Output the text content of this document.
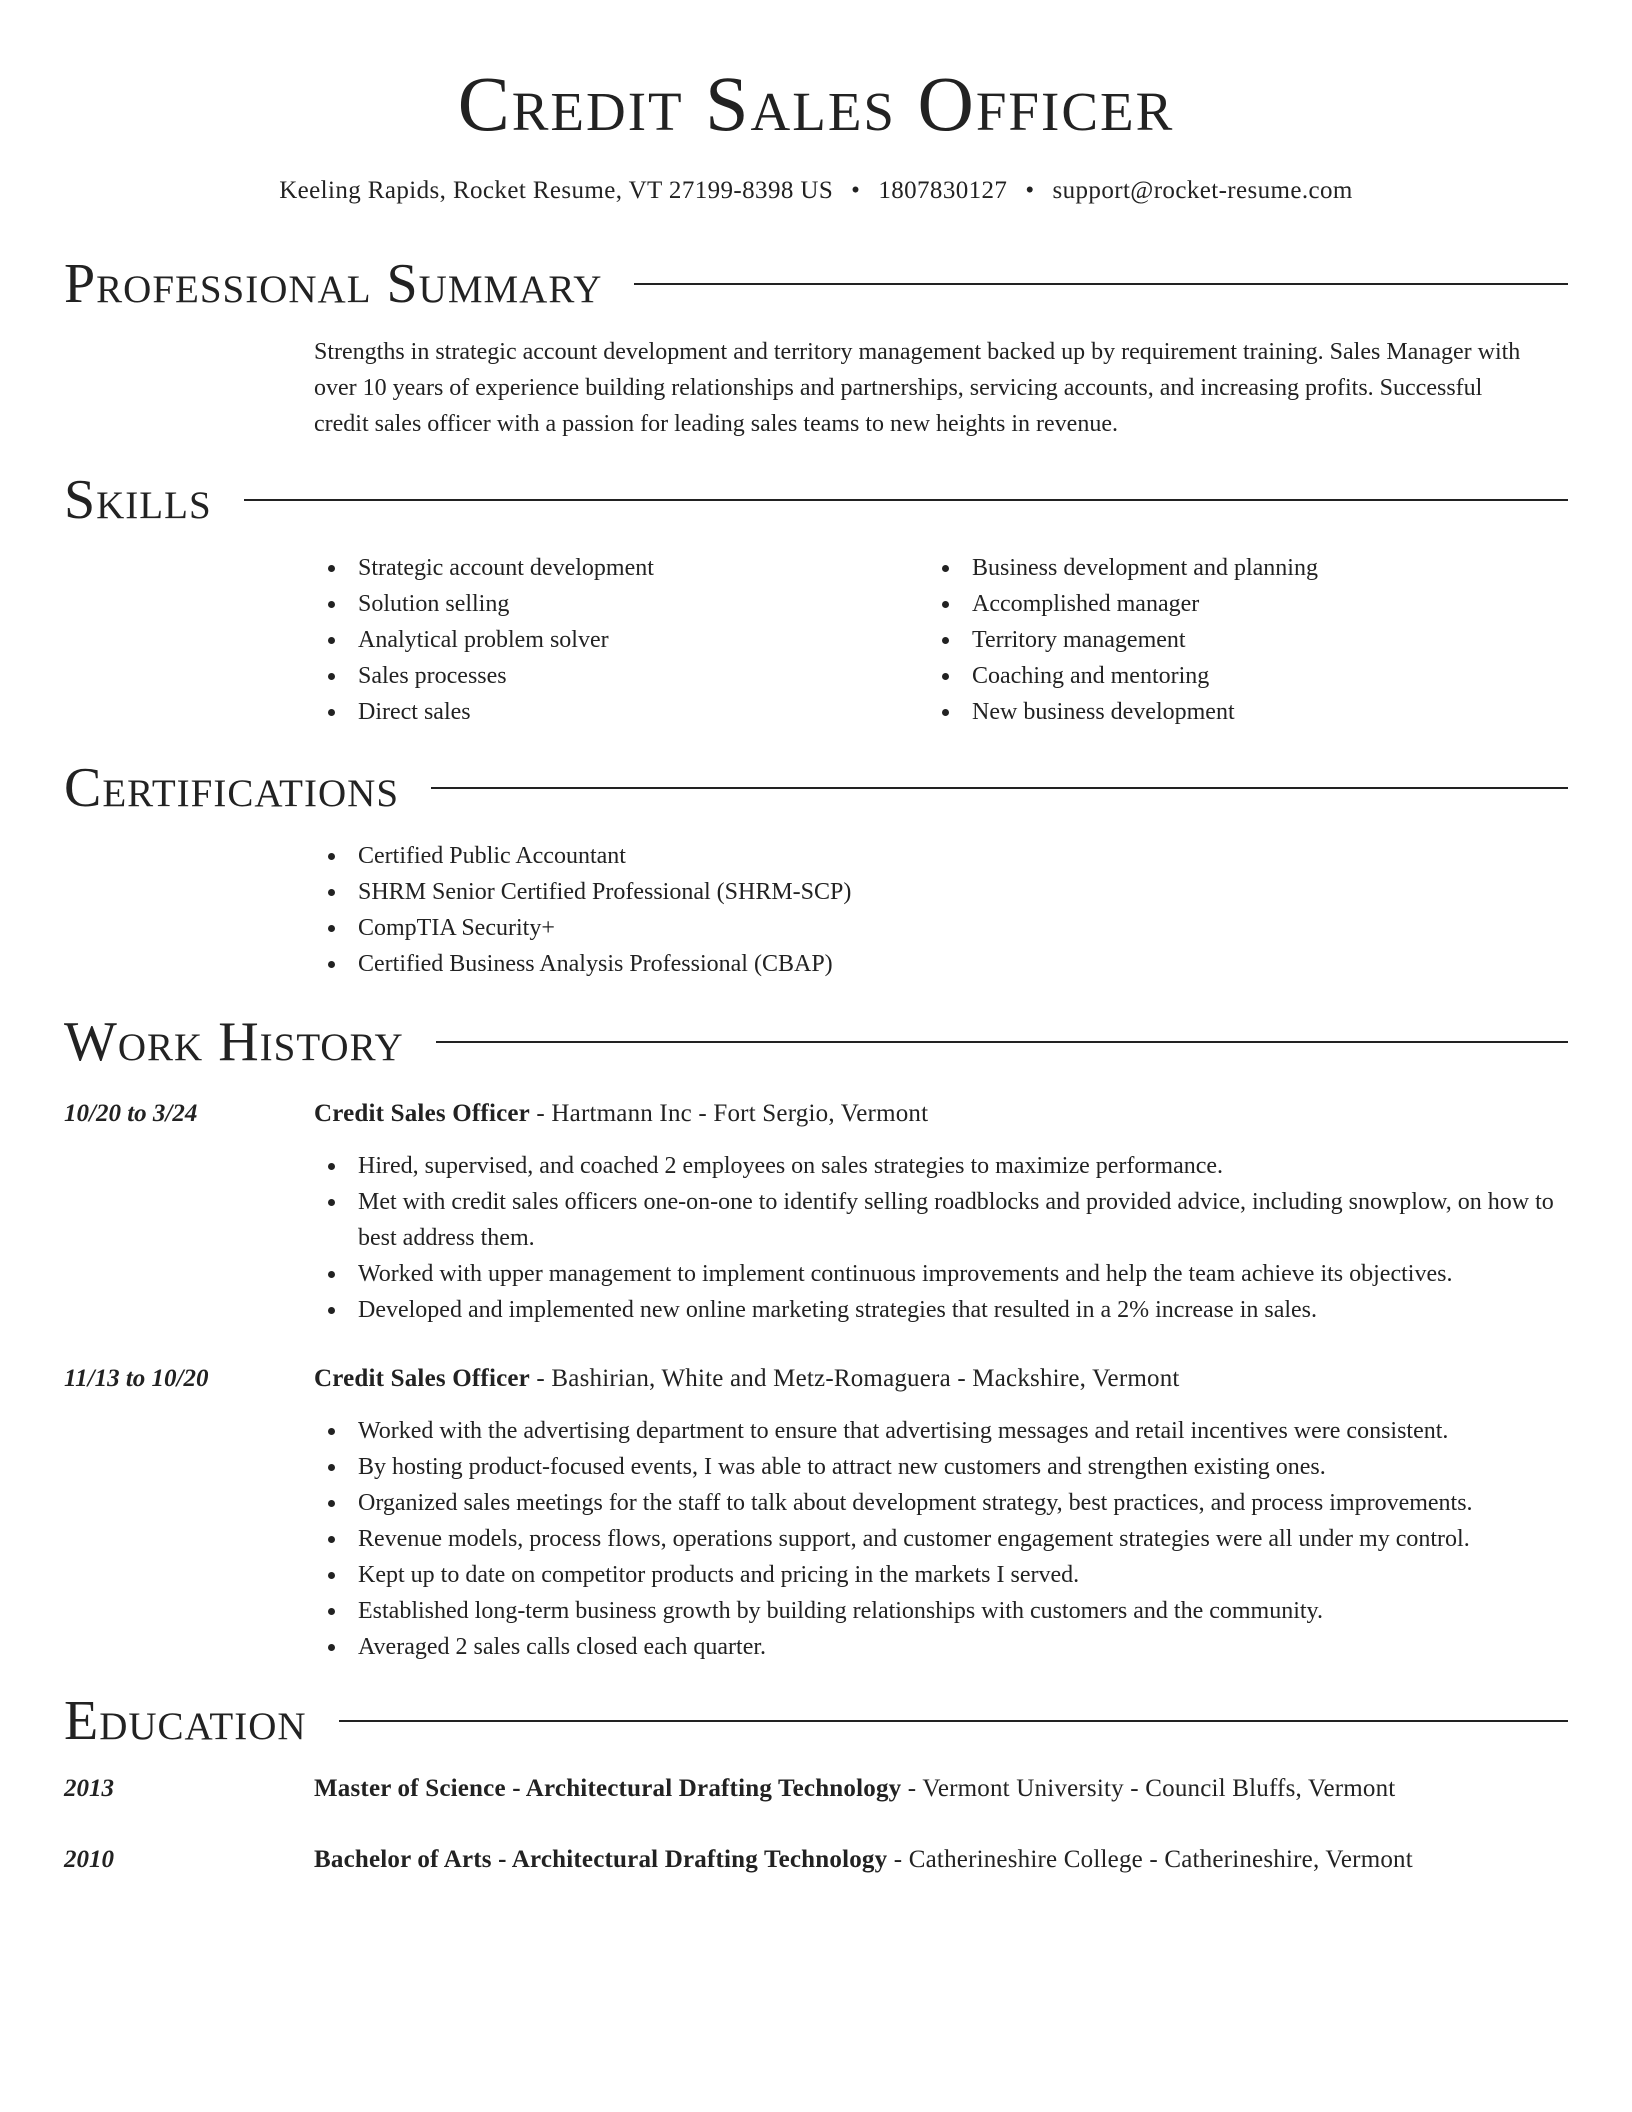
Credit Sales Officer
Keeling Rapids, Rocket Resume, VT 27199-8398 US • 1807830127 • support@rocket-resume.com
Professional Summary
Strengths in strategic account development and territory management backed up by requirement training. Sales Manager with over 10 years of experience building relationships and partnerships, servicing accounts, and increasing profits. Successful credit sales officer with a passion for leading sales teams to new heights in revenue.
Skills
Strategic account development
Solution selling
Analytical problem solver
Sales processes
Direct sales
Business development and planning
Accomplished manager
Territory management
Coaching and mentoring
New business development
Certifications
Certified Public Accountant
SHRM Senior Certified Professional (SHRM-SCP)
CompTIA Security+
Certified Business Analysis Professional (CBAP)
Work History
10/20 to 3/24	Credit Sales Officer - Hartmann Inc - Fort Sergio, Vermont
Hired, supervised, and coached 2 employees on sales strategies to maximize performance.
Met with credit sales officers one-on-one to identify selling roadblocks and provided advice, including snowplow, on how to best address them.
Worked with upper management to implement continuous improvements and help the team achieve its objectives.
Developed and implemented new online marketing strategies that resulted in a 2% increase in sales.
11/13 to 10/20	Credit Sales Officer - Bashirian, White and Metz-Romaguera - Mackshire, Vermont
Worked with the advertising department to ensure that advertising messages and retail incentives were consistent.
By hosting product-focused events, I was able to attract new customers and strengthen existing ones.
Organized sales meetings for the staff to talk about development strategy, best practices, and process improvements.
Revenue models, process flows, operations support, and customer engagement strategies were all under my control.
Kept up to date on competitor products and pricing in the markets I served.
Established long-term business growth by building relationships with customers and the community.
Averaged 2 sales calls closed each quarter.
Education
2013	Master of Science - Architectural Drafting Technology - Vermont University - Council Bluffs, Vermont
2010	Bachelor of Arts - Architectural Drafting Technology - Catherineshire College - Catherineshire, Vermont
